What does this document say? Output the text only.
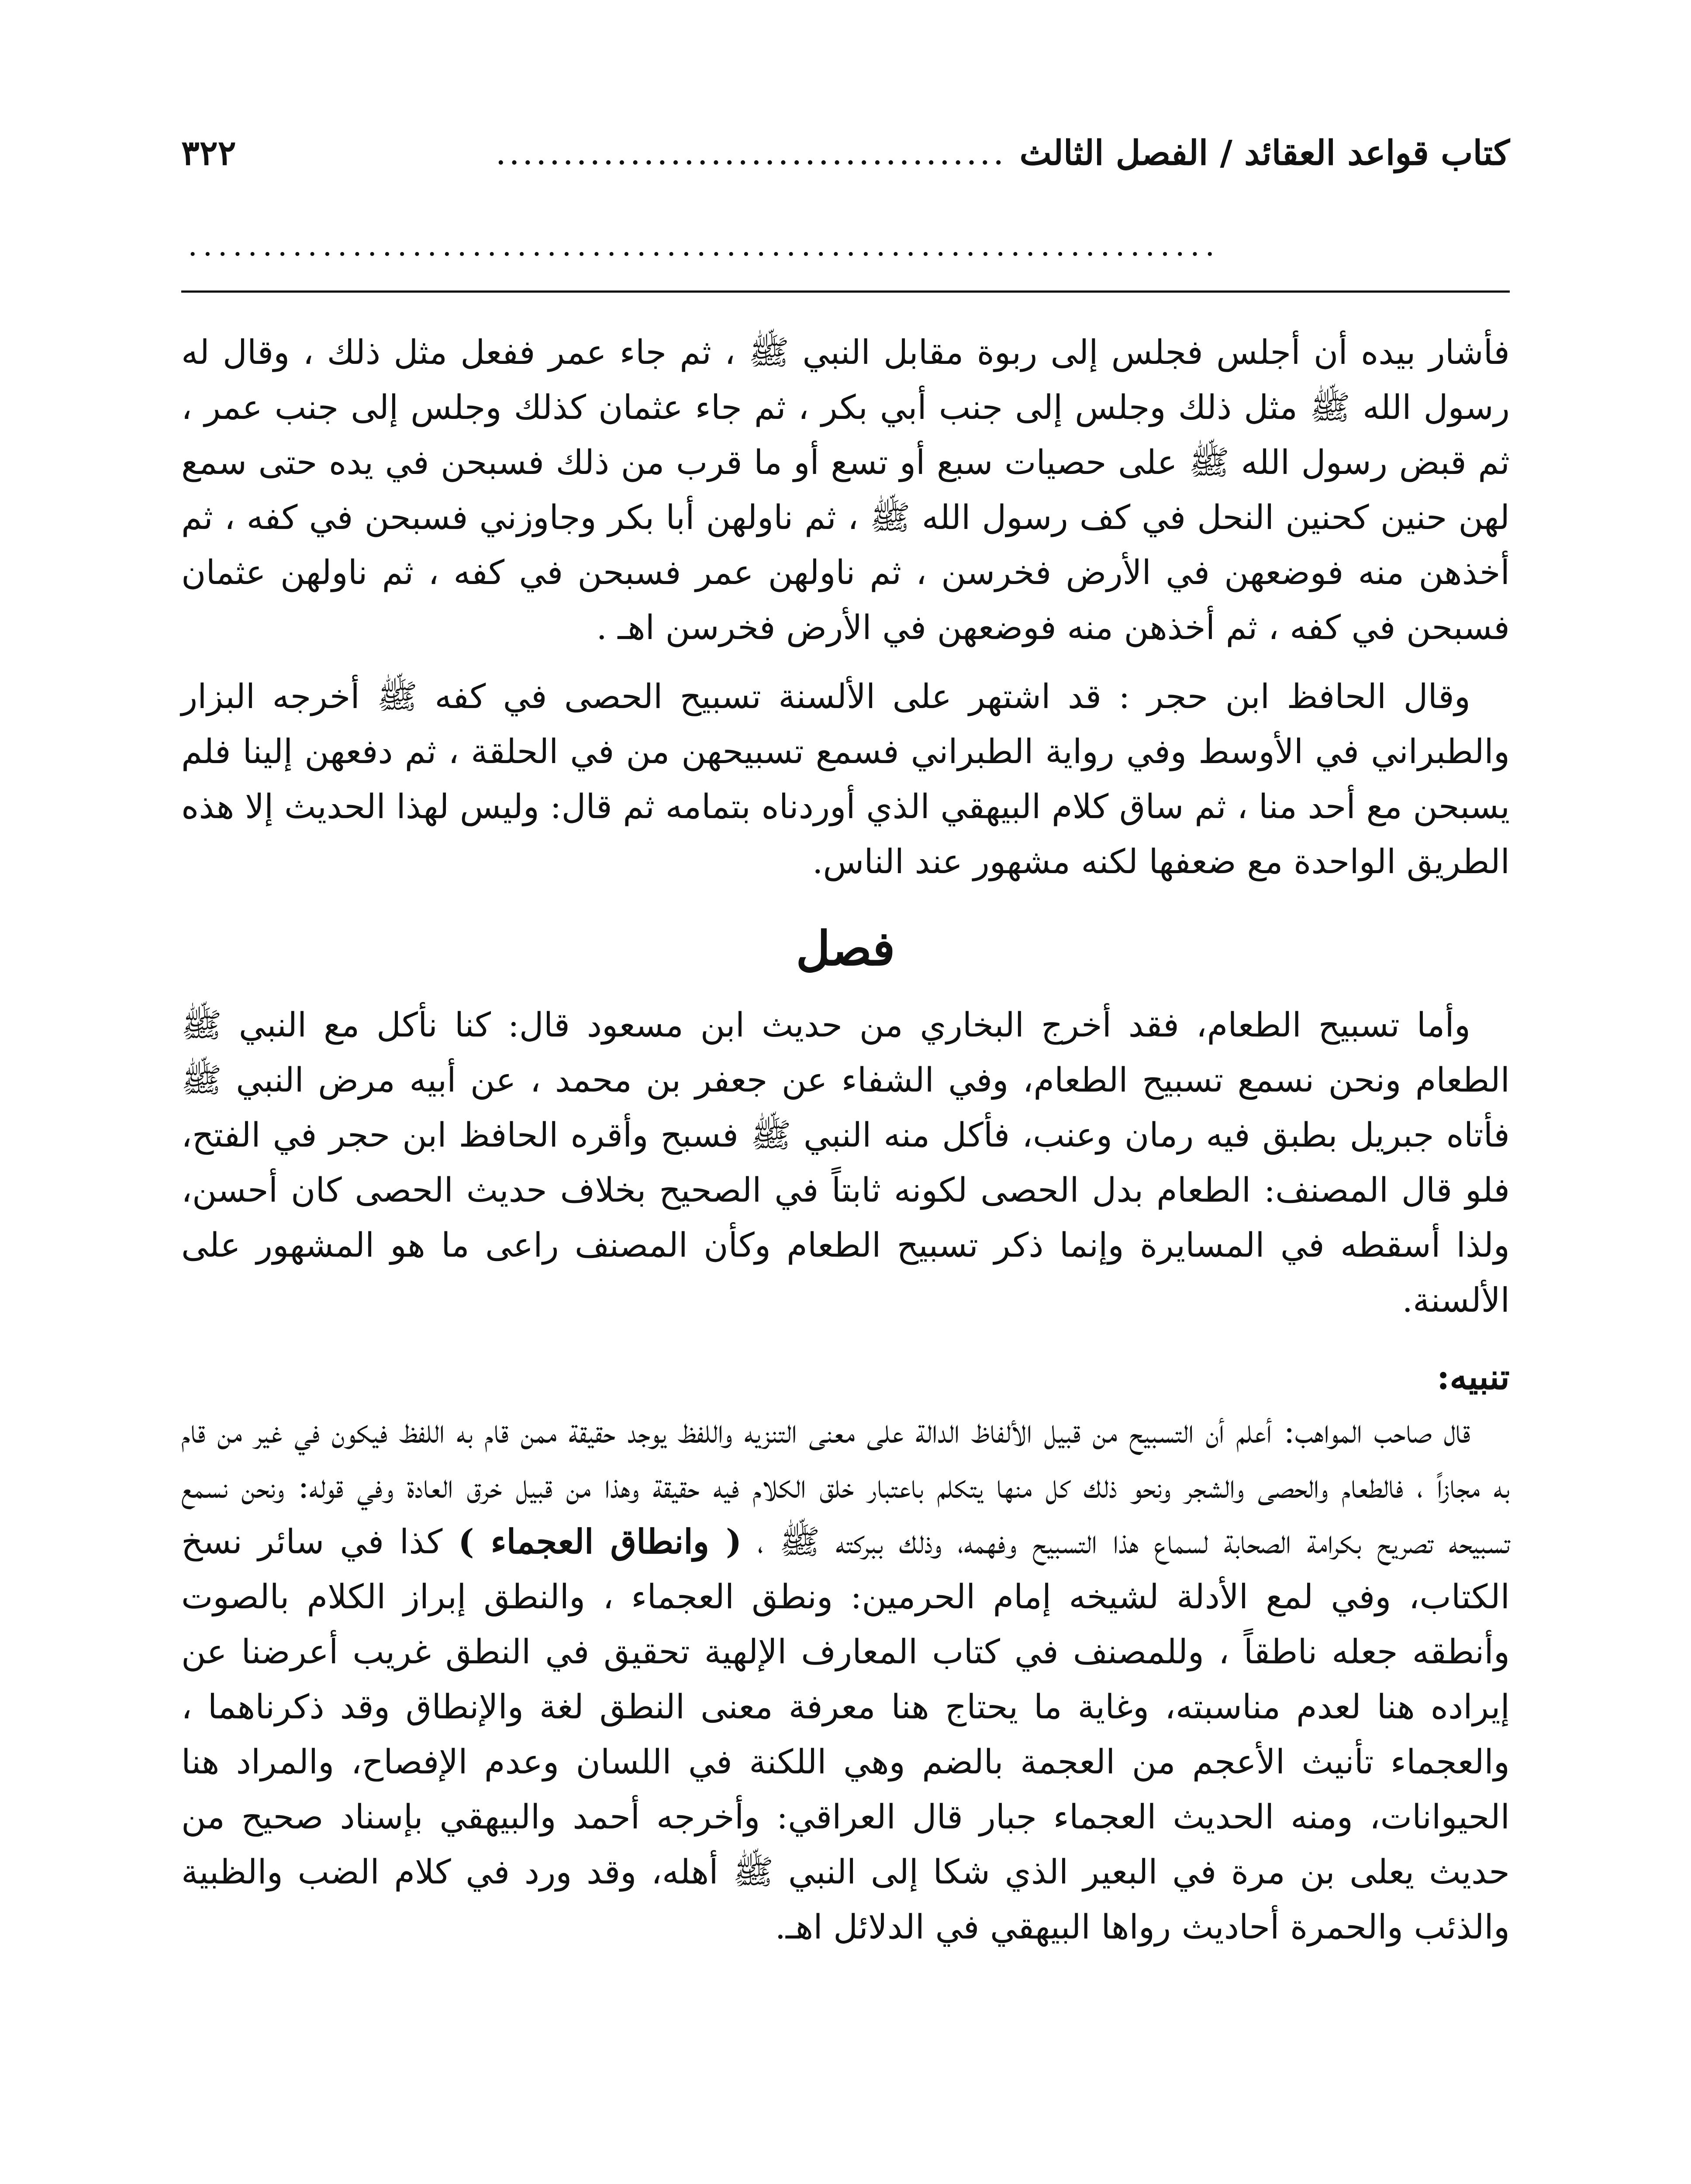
كتاب قواعد العقائد / الفصل الثالث
......................................
٣٢٢
.....................................................................

فأشار بيده أن أجلس فجلس إلى ربوة مقابل النبي ﷺ ، ثم جاء عمر ففعل مثل ذلك ، وقال له رسول الله ﷺ مثل ذلك وجلس إلى جنب أبي بكر ، ثم جاء عثمان كذلك وجلس إلى جنب عمر ، ثم قبض رسول الله ﷺ على حصيات سبع أو تسع أو ما قرب من ذلك فسبحن في يده حتى سمع لهن حنين كحنين النحل في كف رسول الله ﷺ ، ثم ناولهن أبا بكر وجاوزني فسبحن في كفه ، ثم أخذهن منه فوضعهن في الأرض فخرسن ، ثم ناولهن عمر فسبحن في كفه ، ثم ناولهن عثمان فسبحن في كفه ، ثم أخذهن منه فوضعهن في الأرض فخرسن اهـ .

وقال الحافظ ابن حجر : قد اشتهر على الألسنة تسبيح الحصى في كفه ﷺ أخرجه البزار والطبراني في الأوسط وفي رواية الطبراني فسمع تسبيحهن من في الحلقة ، ثم دفعهن إلينا فلم يسبحن مع أحد منا ، ثم ساق كلام البيهقي الذي أوردناه بتمامه ثم قال: وليس لهذا الحديث إلا هذه الطريق الواحدة مع ضعفها لكنه مشهور عند الناس.

فصل

وأما تسبيح الطعام، فقد أخرج البخاري من حديث ابن مسعود قال: كنا نأكل مع النبي ﷺ الطعام ونحن نسمع تسبيح الطعام، وفي الشفاء عن جعفر بن محمد ، عن أبيه مرض النبي ﷺ فأتاه جبريل بطبق فيه رمان وعنب، فأكل منه النبي ﷺ فسبح وأقره الحافظ ابن حجر في الفتح، فلو قال المصنف: الطعام بدل الحصى لكونه ثابتاً في الصحيح بخلاف حديث الحصى كان أحسن، ولذا أسقطه في المسايرة وإنما ذكر تسبيح الطعام وكأن المصنف راعى ما هو المشهور على الألسنة.

تنبيه:

قال صاحب المواهب: أعلم أن التسبيح من قبيل الألفاظ الدالة على معنى التنزيه واللفظ يوجد حقيقة ممن قام به اللفظ فيكون في غير من قام به مجازاً ، فالطعام والحصى والشجر ونحو ذلك كل منها يتكلم باعتبار خلق الكلام فيه حقيقة وهذا من قبيل خرق العادة وفي قوله: ونحن نسمع تسبيحه تصريح بكرامة الصحابة لسماع هذا التسبيح وفهمه، وذلك ببركته ﷺ ، ( وانطاق العجماء ) كذا في سائر نسخ الكتاب، وفي لمع الأدلة لشيخه إمام الحرمين: ونطق العجماء ، والنطق إبراز الكلام بالصوت وأنطقه جعله ناطقاً ، وللمصنف في كتاب المعارف الإلهية تحقيق في النطق غريب أعرضنا عن إيراده هنا لعدم مناسبته، وغاية ما يحتاج هنا معرفة معنى النطق لغة والإنطاق وقد ذكرناهما ، والعجماء تأنيث الأعجم من العجمة بالضم وهي اللكنة في اللسان وعدم الإفصاح، والمراد هنا الحيوانات، ومنه الحديث العجماء جبار قال العراقي: وأخرجه أحمد والبيهقي بإسناد صحيح من حديث يعلى بن مرة في البعير الذي شكا إلى النبي ﷺ أهله، وقد ورد في كلام الضب والظبية والذئب والحمرة أحاديث رواها البيهقي في الدلائل اهـ.
